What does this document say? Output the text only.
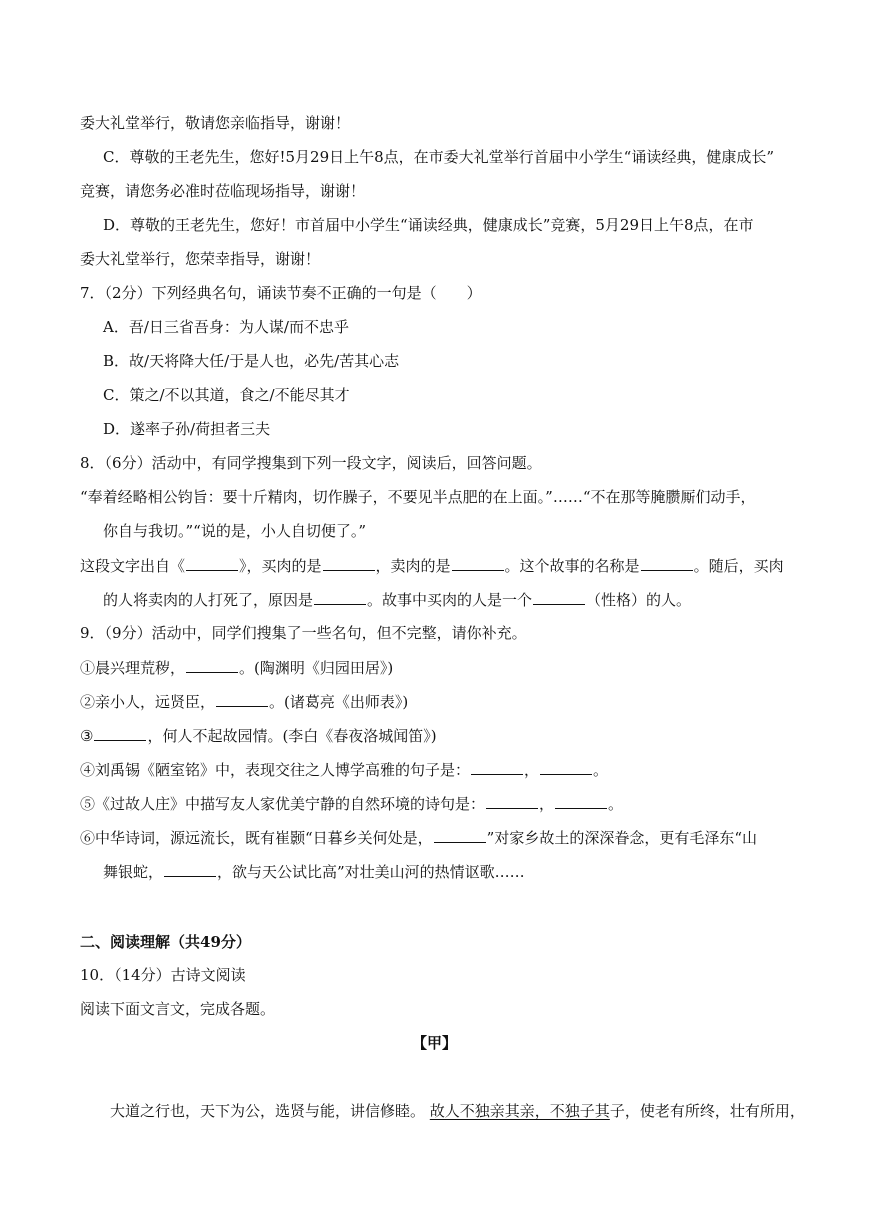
委大礼堂举行，敬请您亲临指导，谢谢！
C．尊敬的王老先生，您好!5月29日上午8点，在市委大礼堂举行首届中小学生“诵读经典，健康成长”
竞赛，请您务必准时莅临现场指导，谢谢！
D．尊敬的王老先生，您好！市首届中小学生“诵读经典，健康成长”竞赛，5月29日上午8点，在市
委大礼堂举行，您荣幸指导，谢谢！
7．（2分）下列经典名句，诵读节奏不正确的一句是（　　）
A．吾/日三省吾身：为人谋/而不忠乎
B．故/天将降大任/于是人也，必先/苦其心志
C．策之/不以其道，食之/不能尽其才
D．遂率子孙/荷担者三夫
8．（6分）活动中，有同学搜集到下列一段文字，阅读后，回答问题。
“奉着经略相公钧旨：要十斤精肉，切作臊子，不要见半点肥的在上面。”……“不在那等腌臜厮们动手，
你自与我切。”“说的是，小人自切便了。”
这段文字出自《	》，买肉的是	，卖肉的是	。这个故事的名称是	。随后，买肉
的人将卖肉的人打死了，原因是	。故事中买肉的人是一个	（性格）的人。
9．（9分）活动中，同学们搜集了一些名句，但不完整，请你补充。
①晨兴理荒秽，	。(陶渊明《归园田居》)
②亲小人，远贤臣，	。(诸葛亮《出师表》)
③	，何人不起故园情。(李白《春夜洛城闻笛》)
④刘禹锡《陋室铭》中，表现交往之人博学高雅的句子是：	，	。
⑤《过故人庄》中描写友人家优美宁静的自然环境的诗句是：	，	。
⑥中华诗词，源远流长，既有崔颢“日暮乡关何处是，	”对家乡故土的深深眷念，更有毛泽东“山
舞银蛇，	，欲与天公试比高”对壮美山河的热情讴歌……
二、阅读理解（共49分）
10．（14分）古诗文阅读
阅读下面文言文，完成各题。
【甲】
大道之行也，天下为公，选贤与能，讲信修睦。 故人不独亲其亲，不独子其子，使老有所终，壮有所用，
